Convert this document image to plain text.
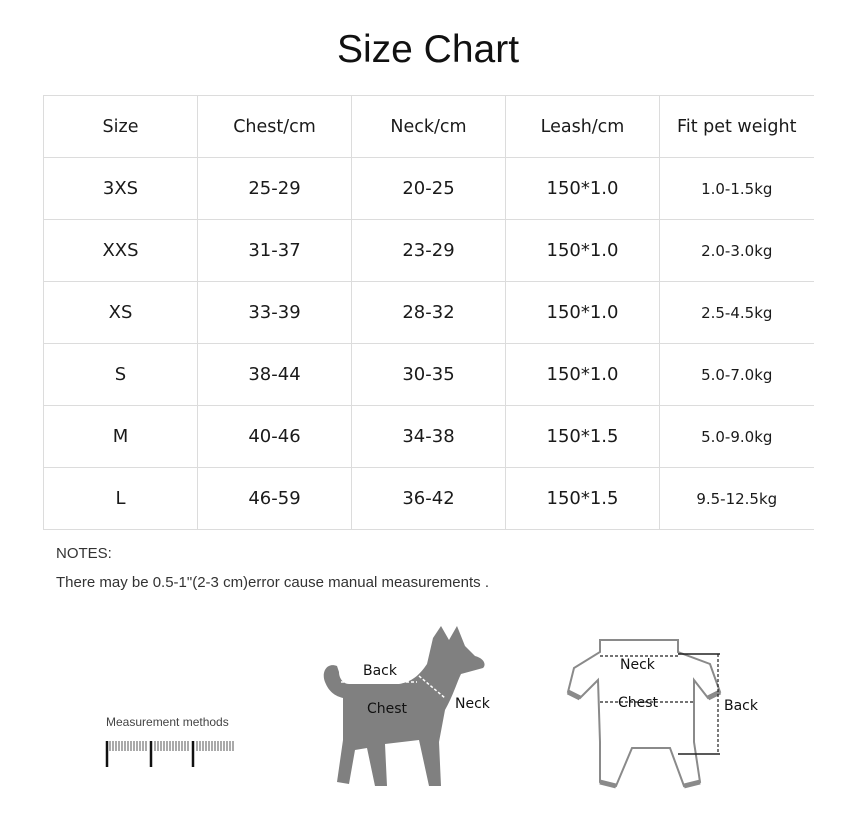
Size Chart
Size	Chest/cm	Neck/cm	Leash/cm	Fit pet weight
3XS	25-29	20-25	150*1.0	1.0-1.5kg
XXS	31-37	23-29	150*1.0	2.0-3.0kg
XS	33-39	28-32	150*1.0	2.5-4.5kg
S	38-44	30-35	150*1.0	5.0-7.0kg
M	40-46	34-38	150*1.5	5.0-9.0kg
L	46-59	36-42	150*1.5	9.5-12.5kg
NOTES:
There may be 0.5-1"(2-3 cm)error cause manual measurements .
Measurement methods
Back
Chest	Neck
Neck
Chest	Back
